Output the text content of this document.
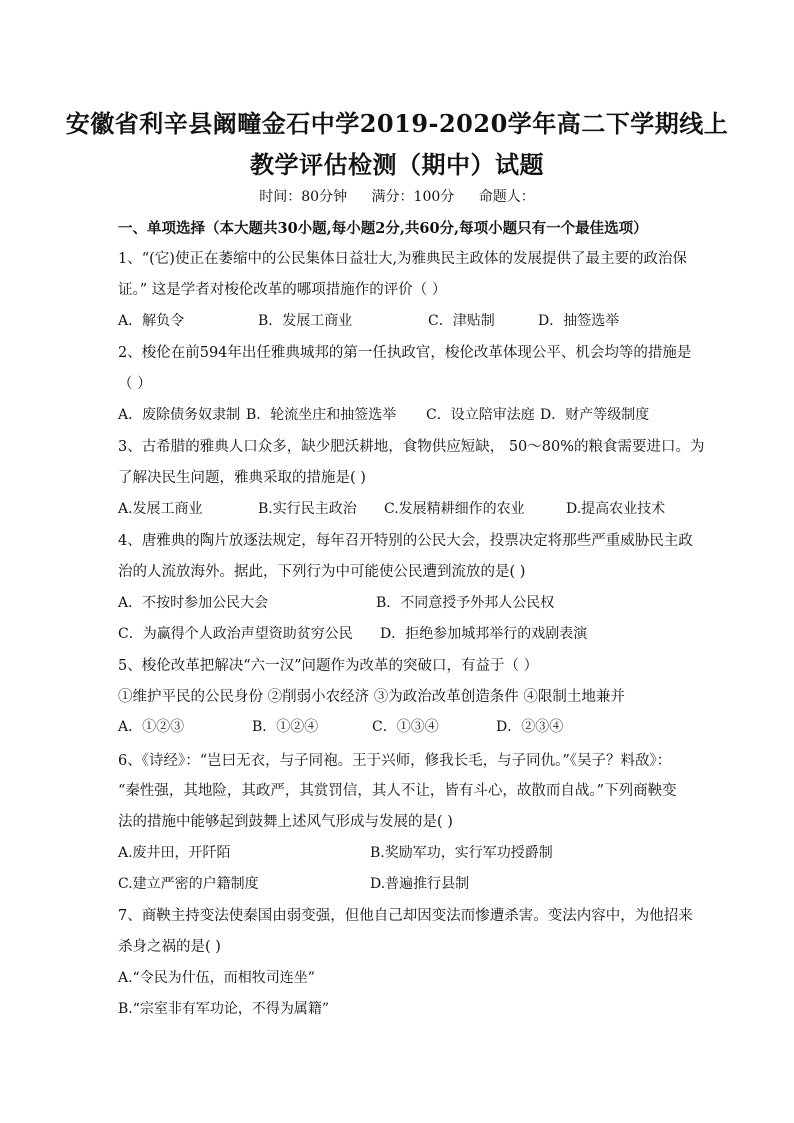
安徽省利辛县阚疃金石中学2019-2020学年高二下学期线上
教学评估检测（期中）试题
时间：80分钟 满分：100分 命题人：
一、单项选择（本大题共30小题,每小题2分,共60分,每项小题只有一个最佳选项）
1、“(它)使正在萎缩中的公民集体日益壮大,为雅典民主政体的发展提供了最主要的政治保
证。” 这是学者对梭伦改革的哪项措施作的评价（ ）
A．解负令	B．发展工商业	C．津贴制	D．抽签选举
2、梭伦在前594年出任雅典城邦的第一任执政官，梭伦改革体现公平、机会均等的措施是
（ ）
A．废除债务奴隶制 B．轮流坐庄和抽签选举 C．设立陪审法庭 D．财产等级制度
3、古希腊的雅典人口众多，缺少肥沃耕地，食物供应短缺， 50～80%的粮食需要进口。为
了解决民生问题，雅典采取的措施是( )
A.发展工商业	B.实行民主政治 C.发展精耕细作的农业	D.提高农业技术
4、唐雅典的陶片放逐法规定，每年召开特别的公民大会，投票决定将那些严重威胁民主政
治的人流放海外。据此，下列行为中可能使公民遭到流放的是( )
A．不按时参加公民大会	B．不同意授予外邦人公民权
C．为赢得个人政治声望资助贫穷公民 D．拒绝参加城邦举行的戏剧表演
5、梭伦改革把解决“六一汉”问题作为改革的突破口，有益于（ ）
①维护平民的公民身份 ②削弱小农经济 ③为政治改革创造条件 ④限制土地兼并
A．①②③	B．①②④	C．①③④	D．②③④
6、《诗经》：“岂曰无衣，与子同袍。王于兴师，修我长毛，与子同仇。”《吴子？料敌》：
“秦性强，其地险，其政严，其赏罚信，其人不让，皆有斗心，故散而自战。”下列商鞅变
法的措施中能够起到鼓舞上述风气形成与发展的是( )
A.废井田，开阡陌	B.奖励军功，实行军功授爵制
C.建立严密的户籍制度	D.普遍推行县制
7、商鞅主持变法使秦国由弱变强，但他自己却因变法而惨遭杀害。变法内容中，为他招来
杀身之祸的是( )
A.“令民为什伍，而相牧司连坐”
B.“宗室非有军功论，不得为属籍”
